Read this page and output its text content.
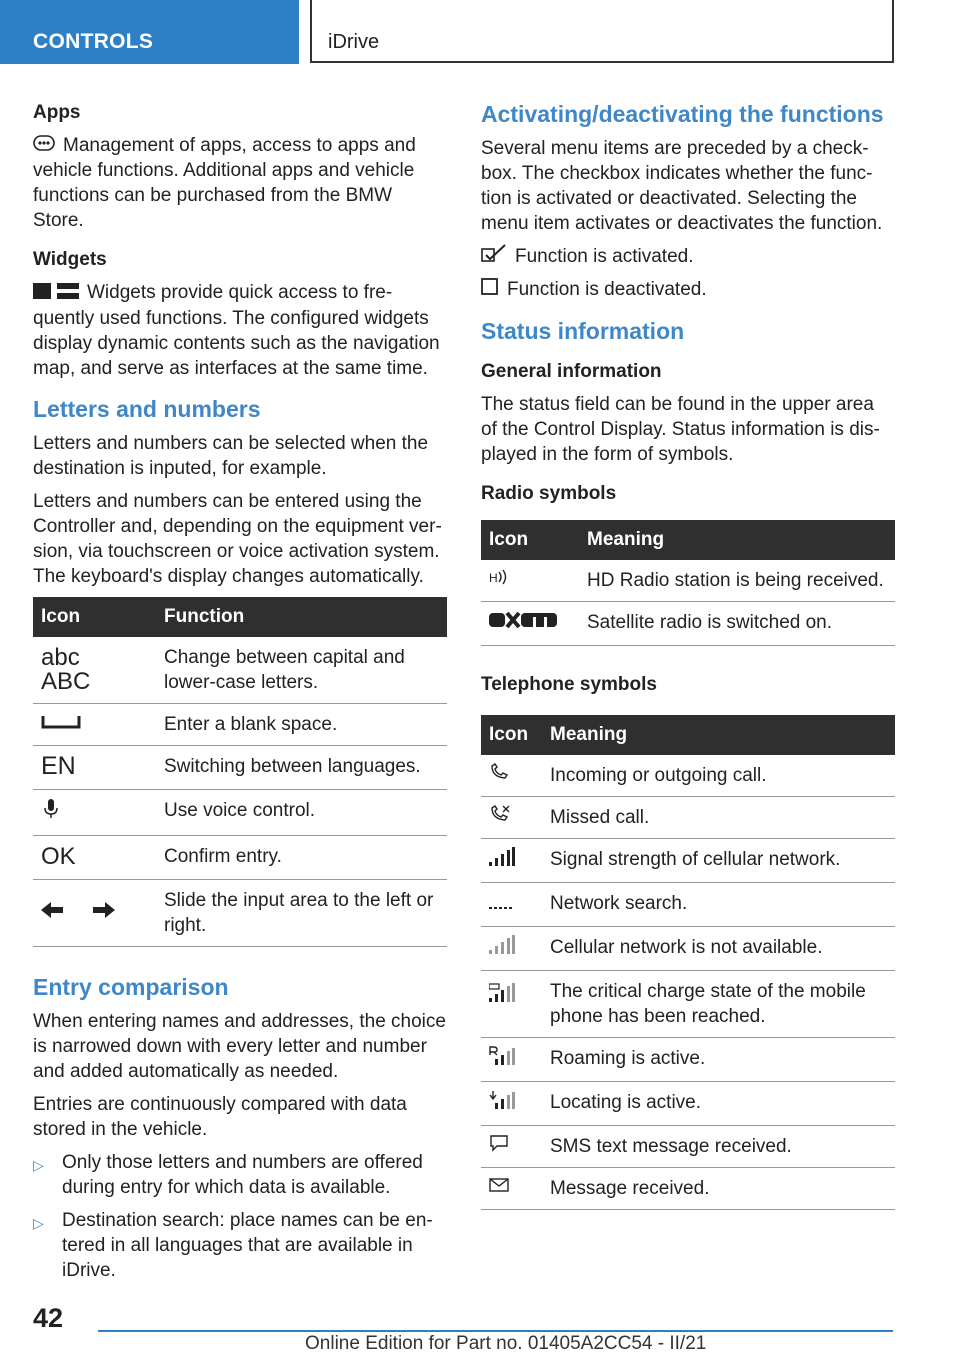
CONTROLS	iDrive
Apps

Management of apps, access to apps and vehicle functions. Additional apps and vehicle functions can be purchased from the BMW Store.

Widgets

Widgets provide quick access to frequently used functions. The configured widgets display dynamic contents such as the navigation map, and serve as interfaces at the same time.

Letters and numbers

Letters and numbers can be selected when the destination is inputed, for example.

Letters and numbers can be entered using the Controller and, depending on the equipment version, via touchscreen or voice activation system. The keyboard's display changes automatically.

Icon	Function

abc
ABC	Change between capital and lower-case letters.
	Enter a blank space.
EN	Switching between languages.
	Use voice control.
OK	Confirm entry.
	Slide the input area to the left or right.
Entry comparison

When entering names and addresses, the choice is narrowed down with every letter and number and added automatically as needed.

Entries are continuously compared with data stored in the vehicle.

▷ Only those letters and numbers are offered during entry for which data is available.
▷ Destination search: place names can be entered in all languages that are available in iDrive.
Activating/deactivating the functions

Several menu items are preceded by a checkbox. The checkbox indicates whether the function is activated or deactivated. Selecting the menu item activates or deactivates the function.

Function is activated.

Function is deactivated.

Status information
General information

The status field can be found in the upper area of the Control Display. Status information is displayed in the form of symbols.

Radio symbols
Icon	Meaning

H	HD Radio station is being received.
	Satellite radio is switched on.
Telephone symbols
Icon	Meaning
	Incoming or outgoing call.
	Missed call.
	Signal strength of cellular network.
	Network search.
	Cellular network is not available.
	The critical charge state of the mobile phone has been reached.
	Roaming is active.
	Locating is active.
	SMS text message received.
	Message received.
42
Online Edition for Part no. 01405A2CC54 - II/21
